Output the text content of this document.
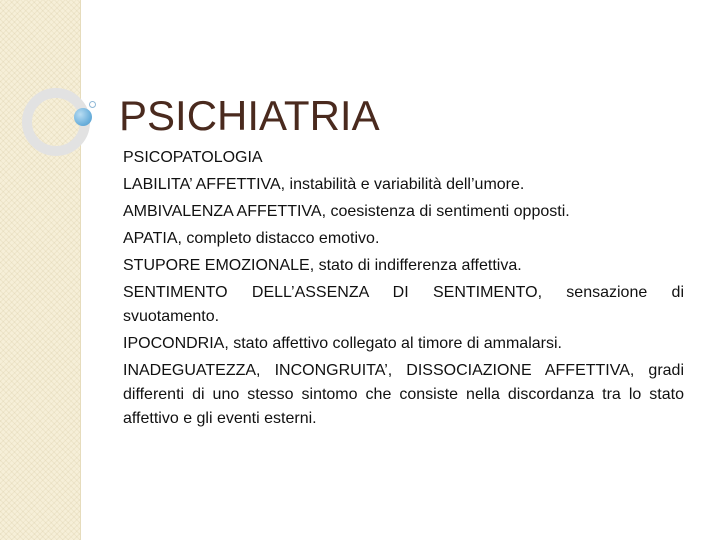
PSICHIATRIA
PSICOPATOLOGIA
LABILITA’ AFFETTIVA, instabilità e variabilità dell’umore.
AMBIVALENZA AFFETTIVA, coesistenza di sentimenti opposti.
APATIA, completo distacco emotivo.
STUPORE EMOZIONALE, stato di indifferenza affettiva.
SENTIMENTO DELL’ASSENZA DI SENTIMENTO, sensazione di svuotamento.
IPOCONDRIA, stato affettivo collegato al timore di ammalarsi.
INADEGUATEZZA, INCONGRUITA’, DISSOCIAZIONE AFFETTIVA, gradi differenti di uno stesso sintomo che consiste nella discordanza tra lo stato affettivo e gli eventi esterni.
